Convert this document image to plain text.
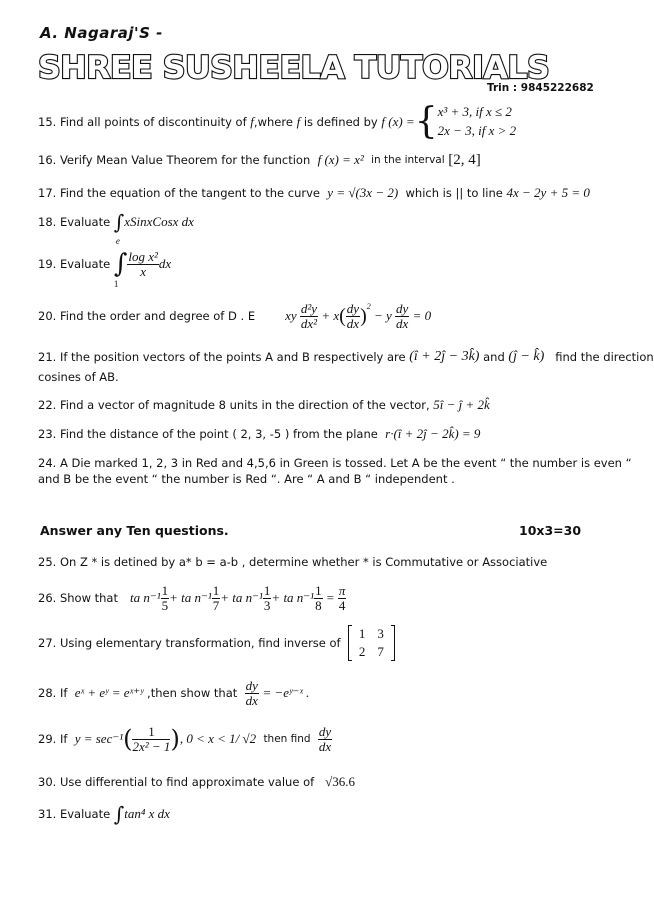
A. Nagaraj'S -
SHREE SUSHEELA TUTORIALS
Trin : 9845222682
15. Find all points of discontinuity of
f ,where
f
is defined by
f (x) = { x³ + 3, if x ≤ 2
2x − 3, if x > 2
16. Verify Mean Value Theorem for the function
f (x) = x²
in the interval
[2, 4]
17. Find the equation of the tangent to the curve
y = √(3x − 2)
which is || to line
4x − 2y + 5 = 0
18. Evaluate
∫ xSinxCosx dx
19. Evaluate

e
∫
1
$\frac{\text{log x²}}{x}$ dx
20. Find the order and degree of D . E xy $\frac{\text{d²y}}{\text{dx²}} + x$ ( $\frac{dy}{dx} )^2$
− y $\frac{dy}{dx} = 0$
21. If the position vectors of the points A and B respectively are
(î + 2ĵ − 3k̂)
and
(ĵ − k̂)
find the direction
cosines of AB.
22. Find a vector of magnitude 8 units in the direction of the vector,
5î − ĵ + 2k̂
23. Find the distance of the point ( 2, 3, -5 ) from the plane
r·(î + 2ĵ − 2k̂) = 9
24. A Die marked 1, 2, 3 in Red and 4,5,6 in Green is tossed. Let A be the event “ the number is even “
and B be the event “ the number is Red “. Are “ A and B “ independent .
Answer any Ten questions.	10x3=30
25. On Z * is detined by a* b = a-b , determine whether * is Commutative or Associative
26. Show that ta $n^{-1} \frac{1}{5}$ + ta $n^{-1} \frac{1}{7}$ + ta $n^{-1} \frac{1}{3}$ + ta $n^{-1} \frac{1}{8}$
=
$\frac{\pi}{4}$
27. Using elementary transformation, find inverse of

1	3
2	7
28. If
eˣ + eʸ = eˣ⁺ʸ
,then show that
$\frac{dy}{dx}$
= −eʸ⁻ˣ .
29. If
y = sec⁻¹ ( $\frac{1}{\text{2x² − 1}}$ ) , 0 < x < 1/ √2
then find
$\frac{dy}{dx}$
30. Use differential to find approximate value of
√36.6
31. Evaluate
∫ tan⁴ x dx
